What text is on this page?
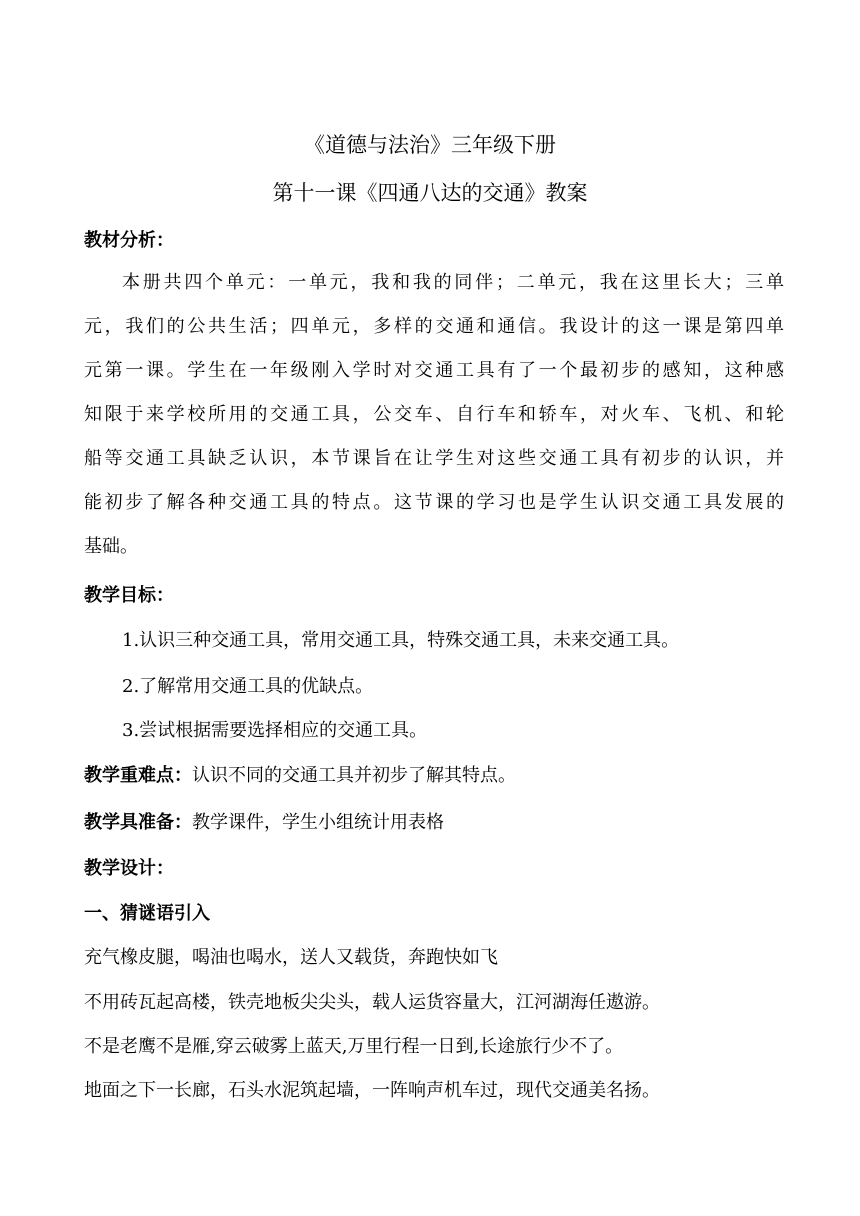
《道德与法治》三年级下册
第十一课《四通八达的交通》教案
教材分析：
本册共四个单元：一单元，我和我的同伴；二单元，我在这里长大；三单
元，我们的公共生活；四单元，多样的交通和通信。我设计的这一课是第四单
元第一课。学生在一年级刚入学时对交通工具有了一个最初步的感知，这种感
知限于来学校所用的交通工具，公交车、自行车和轿车，对火车、飞机、和轮
船等交通工具缺乏认识，本节课旨在让学生对这些交通工具有初步的认识，并
能初步了解各种交通工具的特点。这节课的学习也是学生认识交通工具发展的
基础。
教学目标：
1.认识三种交通工具，常用交通工具，特殊交通工具，未来交通工具。
2.了解常用交通工具的优缺点。
3.尝试根据需要选择相应的交通工具。
教学重难点：认识不同的交通工具并初步了解其特点。
教学具准备：教学课件，学生小组统计用表格
教学设计：
一、猜谜语引入
充气橡皮腿，喝油也喝水，送人又载货，奔跑快如飞
不用砖瓦起高楼，铁壳地板尖尖头，载人运货容量大，江河湖海任遨游。
不是老鹰不是雁,穿云破雾上蓝天,万里行程一日到,长途旅行少不了。
地面之下一长廊，石头水泥筑起墙，一阵响声机车过，现代交通美名扬。
